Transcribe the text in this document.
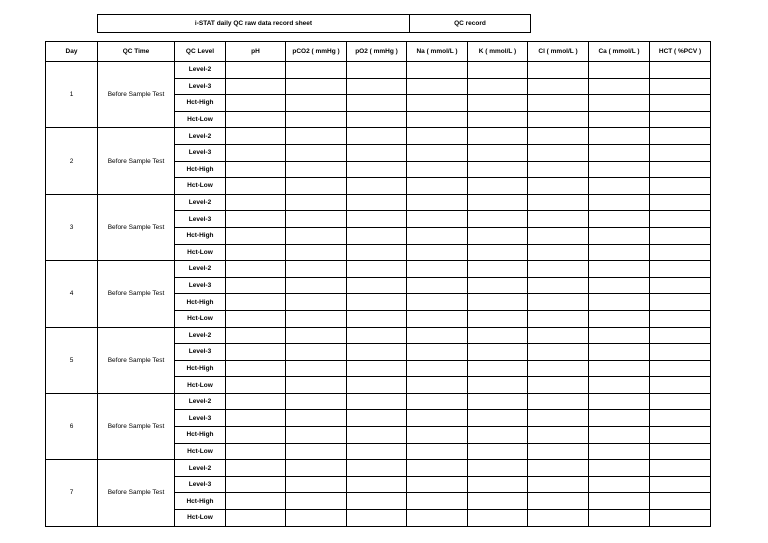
i-STAT daily QC raw data record sheet	QC record
Day	QC Time	QC Level	pH	pCO2 ( mmHg )	pO2 ( mmHg )	Na ( mmol/L )	K ( mmol/L )	Cl ( mmol/L )	Ca ( mmol/L )	HCT ( %PCV )
1	Before Sample Test	Level-2								
		Level-3								
		Hct-High								
		Hct-Low								
2	Before Sample Test	Level-2								
		Level-3								
		Hct-High								
		Hct-Low								
3	Before Sample Test	Level-2								
		Level-3								
		Hct-High								
		Hct-Low								
4	Before Sample Test	Level-2								
		Level-3								
		Hct-High								
		Hct-Low								
5	Before Sample Test	Level-2								
		Level-3								
		Hct-High								
		Hct-Low								
6	Before Sample Test	Level-2								
		Level-3								
		Hct-High								
		Hct-Low								
7	Before Sample Test	Level-2								
		Level-3								
		Hct-High								
		Hct-Low								
